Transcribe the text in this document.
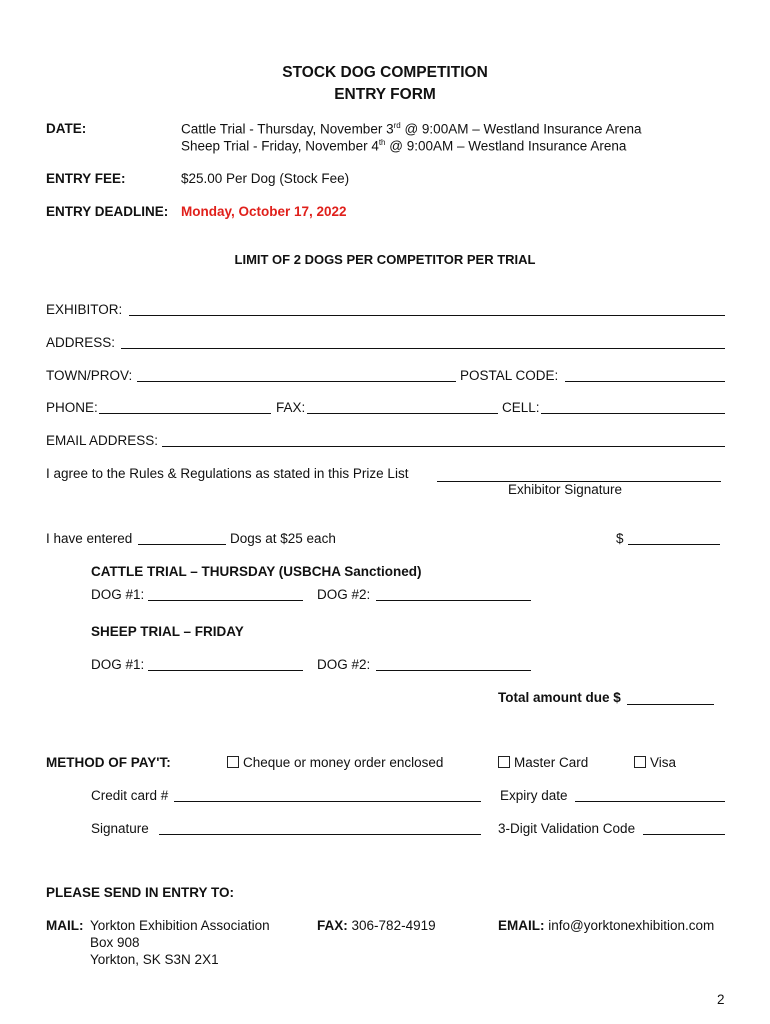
STOCK DOG COMPETITION
ENTRY FORM
DATE:	Cattle Trial - Thursday, November 3rd @ 9:00AM – Westland Insurance Arena
Sheep Trial - Friday, November 4th @ 9:00AM – Westland Insurance Arena
ENTRY FEE:	$25.00 Per Dog (Stock Fee)
ENTRY DEADLINE: Monday, October 17, 2022
LIMIT OF 2 DOGS PER COMPETITOR PER TRIAL
EXHIBITOR:
ADDRESS:
TOWN/PROV:	POSTAL CODE:
PHONE:	FAX:	CELL:
EMAIL ADDRESS:
I agree to the Rules & Regulations as stated in this Prize List
Exhibitor Signature
I have entered	Dogs at $25 each	$
CATTLE TRIAL – THURSDAY (USBCHA Sanctioned)
DOG #1:	DOG #2:
SHEEP TRIAL – FRIDAY
DOG #1:	DOG #2:
Total amount due $
METHOD OF PAY'T:	Cheque or money order enclosed	Master Card	Visa
Credit card #	Expiry date
Signature	3-Digit Validation Code
PLEASE SEND IN ENTRY TO:
MAIL: Yorkton Exhibition Association
Box 908
Yorkton, SK S3N 2X1
FAX: 306-782-4919	EMAIL: info@yorktonexhibition.com
2
